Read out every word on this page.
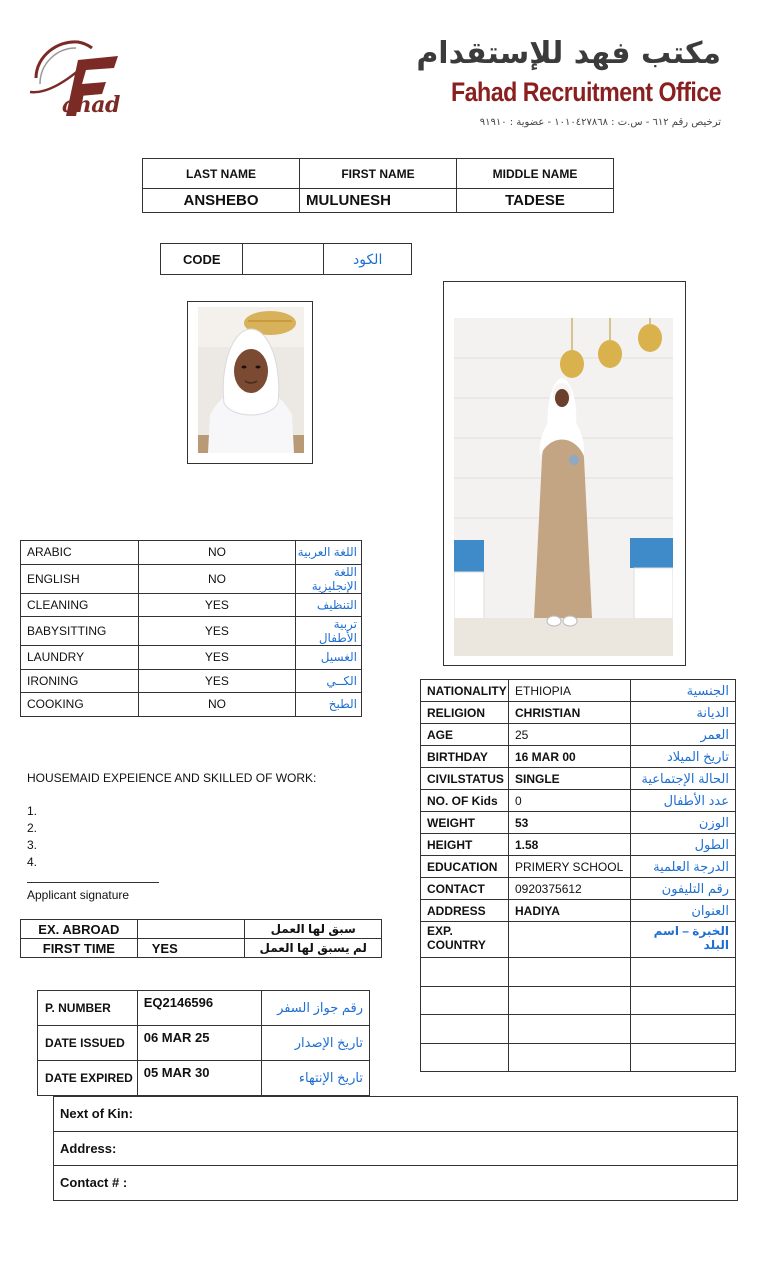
ahad
مكتب فهد للإستقدام
Fahad Recruitment Office
ترخيص رقم ٦١٢ - س.ت : ١٠١٠٤٢٧٨٦٨ - عضوية : ٩١٩١٠
LAST NAME	FIRST NAME	MIDDLE NAME
ANSHEBO	MULUNESH	TADESE
CODE		الكود
ARABIC	NO	اللغة العربية
ENGLISH	NO	اللغة الإنجليزية
CLEANING	YES	التنظيف
BABYSITTING	YES	تربية الأطفال
LAUNDRY	YES	الغسيل
IRONING	YES	الكــي
COOKING	NO	الطبخ
HOUSEMAID EXPEIENCE AND SKILLED OF WORK:
1.
2.
3.
4.
Applicant signature
EX. ABROAD		سبق لها العمل
FIRST TIME	YES	لم يسبق لها العمل
P. NUMBER	EQ2146596	رقم جواز السفر
DATE ISSUED	06 MAR 25	تاريخ الإصدار
DATE EXPIRED	05 MAR 30	تاريخ الإنتهاء
Next of Kin:
Address:
Contact # :
NATIONALITY	ETHIOPIA	الجنسية
RELIGION	CHRISTIAN	الديانة
AGE	25	العمر
BIRTHDAY	16 MAR 00	تاريخ الميلاد
CIVILSTATUS	SINGLE	الحالة الإجتماعية
NO. OF Kids	0	عدد الأطفال
WEIGHT	53	الوزن
HEIGHT	1.58	الطول
EDUCATION	PRIMERY SCHOOL	الدرجة العلمية
CONTACT	0920375612	رقم التليفون
ADDRESS	HADIYA	العنوان

EXP.
COUNTRY		الخبرة – اسم البلد
